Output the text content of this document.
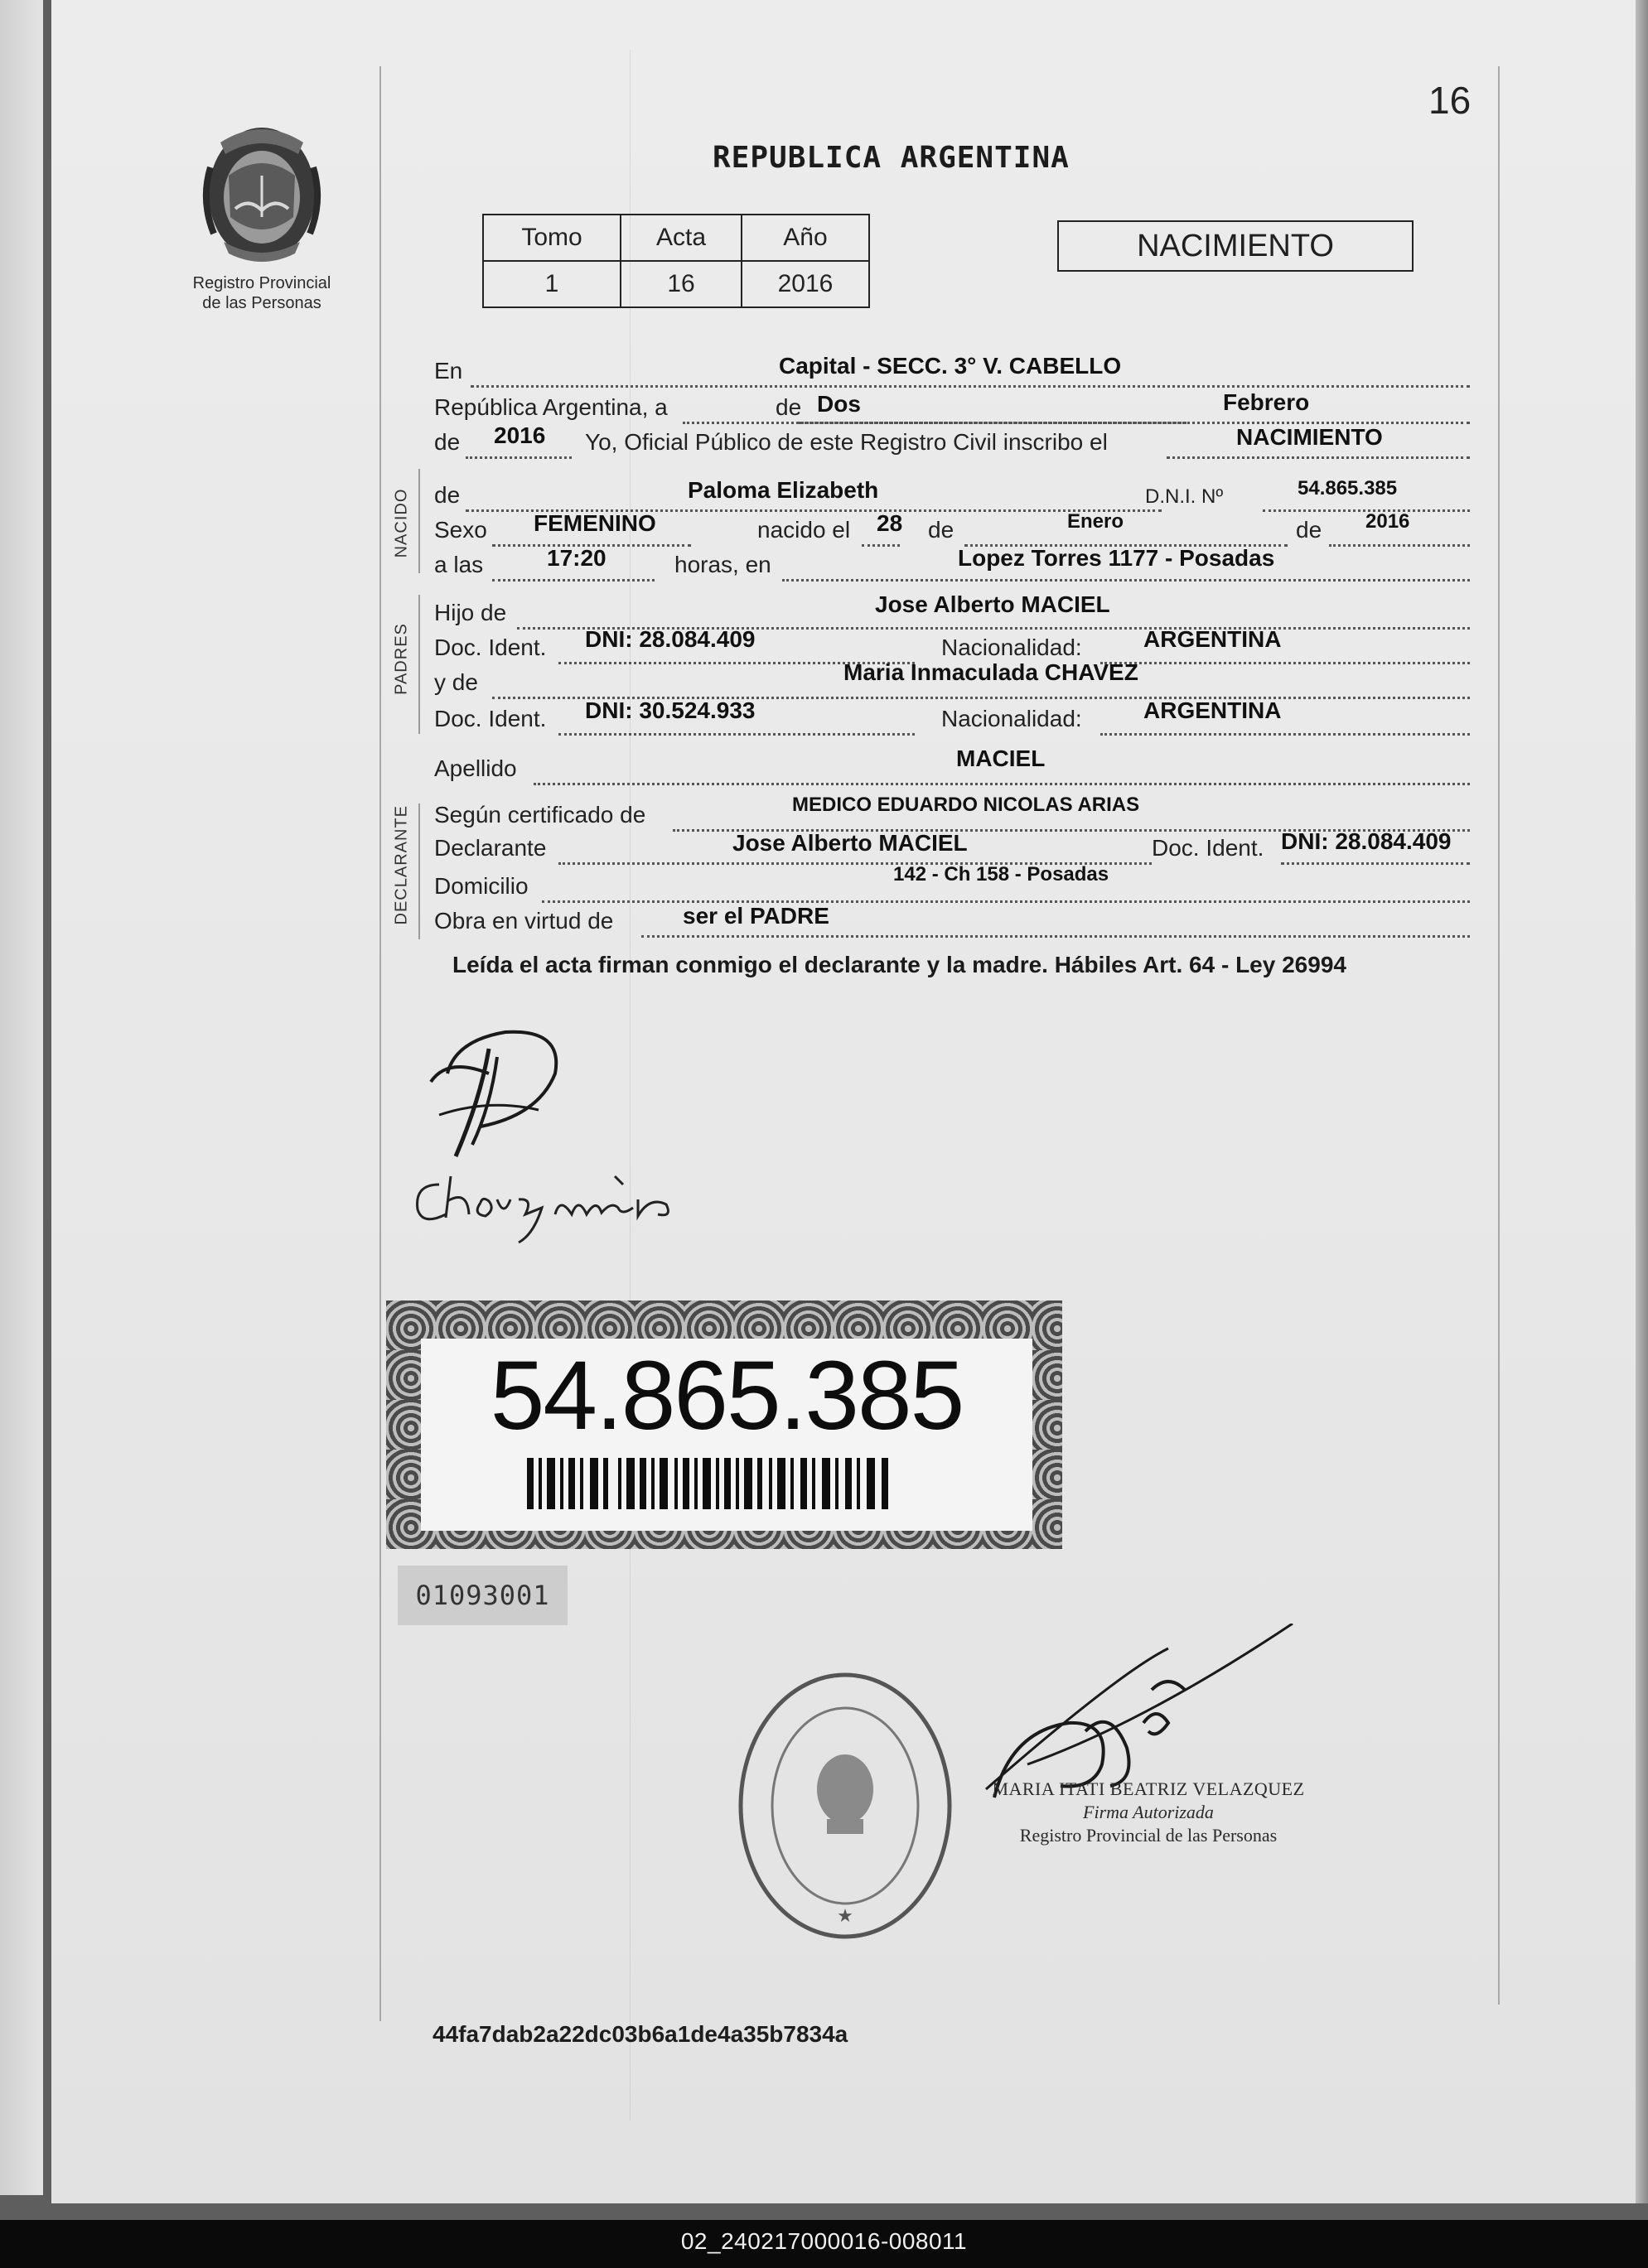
16
Registro Provincial
de las Personas
REPUBLICA ARGENTINA
Tomo	Acta	Año
1	16	2016
NACIMIENTO
En	Capital - SECC. 3° V. CABELLO
República Argentina, a	Dos
de	Febrero
de 2016 Yo, Oficial Público de este Registro Civil inscribo el	NACIMIENTO
NACIDO de	Paloma Elizabeth	D.N.I. Nº	54.865.385
Sexo FEMENINO	nacido el 28 de	Enero	de 2016
a las	17:20	horas, en	Lopez Torres 1177 - Posadas
PADRES
Hijo de	Jose Alberto MACIEL
Doc. Ident. DNI: 28.084.409	Nacionalidad:	ARGENTINA
y de	Maria Inmaculada CHAVEZ
Doc. Ident. DNI: 30.524.933	Nacionalidad:	ARGENTINA
Apellido	MACIEL
DECLARANTE Según certificado de	MEDICO EDUARDO NICOLAS ARIAS
Declarante	Jose Alberto MACIEL	Doc. Ident. DNI: 28.084.409
Domicilio	142 - Ch 158 - Posadas
Obra en virtud de	ser el PADRE
Leída el acta firman conmigo el declarante y la madre. Hábiles Art. 64 - Ley 26994
54.865.385
01093001
★
MARIA ITATI BEATRIZ VELAZQUEZ
Firma Autorizada
Registro Provincial de las Personas
44fa7dab2a22dc03b6a1de4a35b7834a
02_240217000016-008011
